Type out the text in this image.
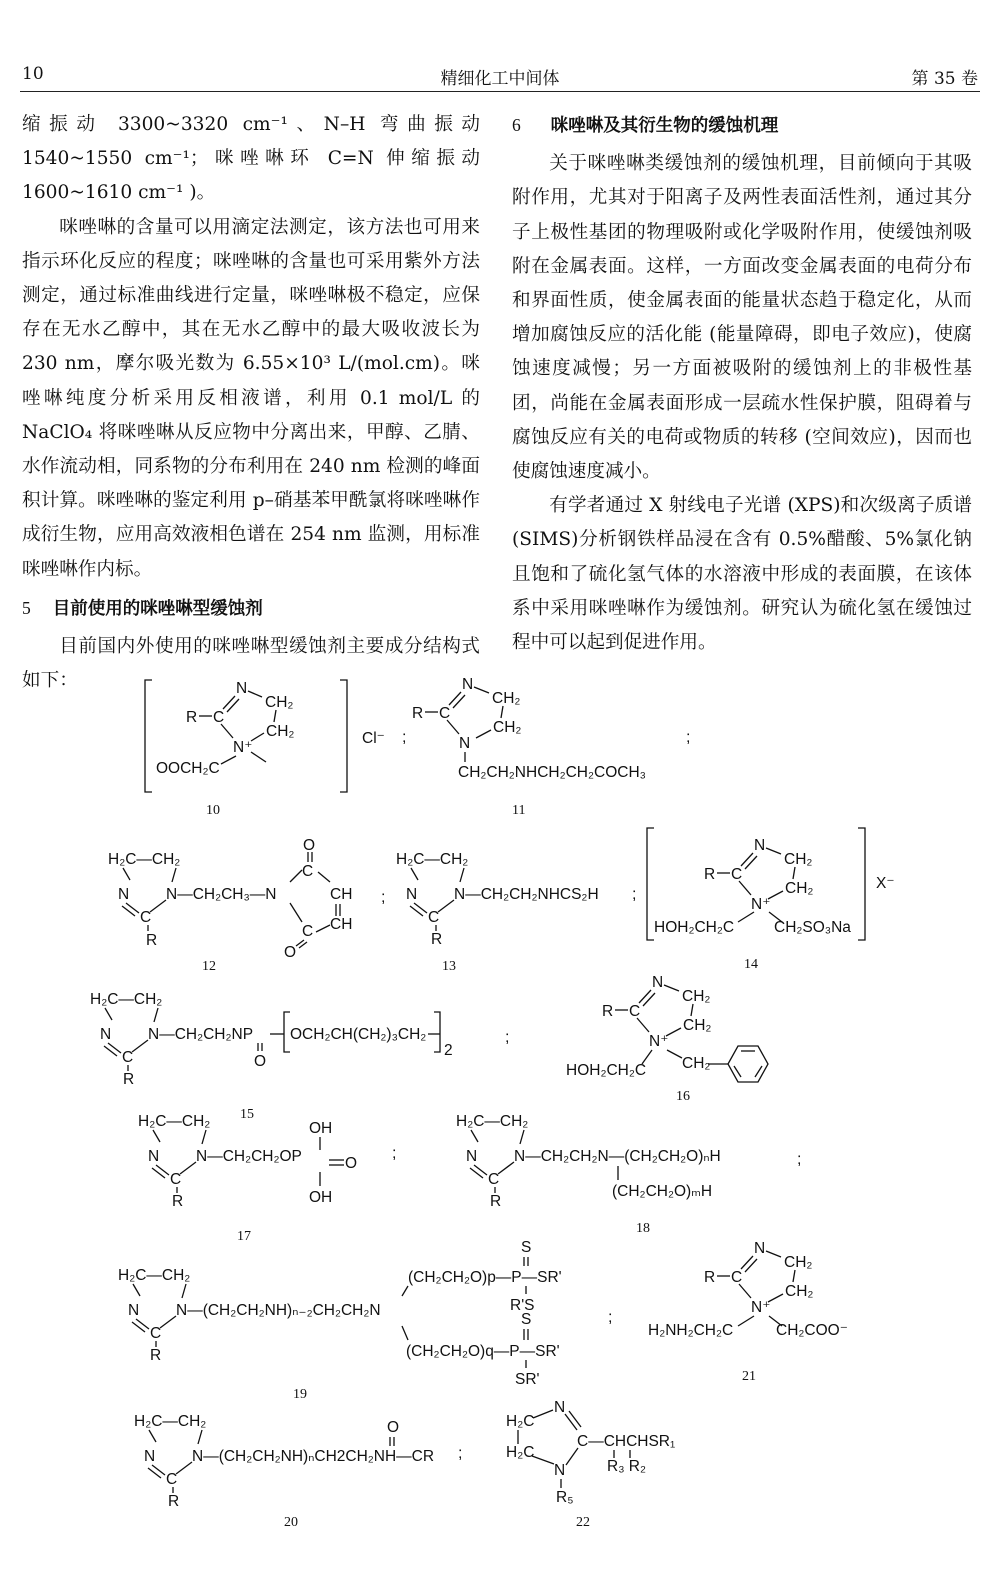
10	精细化工中间体	第 35 卷

缩振动 3300~3320 cm⁻¹、N–H 弯曲振动 1540~1550 cm⁻¹；咪唑啉环 C=N 伸缩振动 1600~1610 cm⁻¹ )。

咪唑啉的含量可以用滴定法测定，该方法也可用来指示环化反应的程度；咪唑啉的含量也可采用紫外方法测定，通过标准曲线进行定量，咪唑啉极不稳定，应保存在无水乙醇中，其在无水乙醇中的最大吸收波长为 230 nm，摩尔吸光数为 6.55×10³ L/(mol.cm)。咪唑啉纯度分析采用反相液谱，利用 0.1 mol/L 的 NaClO₄ 将咪唑啉从反应物中分离出来，甲醇、乙腈、水作流动相，同系物的分布利用在 240 nm 检测的峰面积计算。咪唑啉的鉴定利用 p–硝基苯甲酰氯将咪唑啉作成衍生物，应用高效液相色谱在 254 nm 监测，用标准咪唑啉作内标。

5 目前使用的咪唑啉型缓蚀剂

目前国内外使用的咪唑啉型缓蚀剂主要成分结构式如下：

6 咪唑啉及其衍生物的缓蚀机理

关于咪唑啉类缓蚀剂的缓蚀机理，目前倾向于其吸附作用，尤其对于阳离子及两性表面活性剂，通过其分子上极性基团的物理吸附或化学吸附作用，使缓蚀剂吸附在金属表面。这样，一方面改变金属表面的电荷分布和界面性质，使金属表面的能量状态趋于稳定化，从而增加腐蚀反应的活化能 (能量障碍，即电子效应)，使腐蚀速度减慢；另一方面被吸附的缓蚀剂上的非极性基团，尚能在金属表面形成一层疏水性保护膜，阻碍着与腐蚀反应有关的电荷或物质的转移 (空间效应)，因而也使腐蚀速度减小。

有学者通过 X 射线电子光谱 (XPS)和次级离子质谱 (SIMS)分析钢铁样品浸在含有 0.5%醋酸、5%氯化钠且饱和了硫化氢气体的水溶液中形成的表面膜，在该体系中采用咪唑啉作为缓蚀剂。研究认为硫化氢在缓蚀过程中可以起到促进作用。

R C
N
CH₂
CH₂
N⁺
OOCH₂C
Cl⁻
10
;
R C
N
CH₂
CH₂
N
CH₂CH₂NHCH₂CH₂COCH₃
11
;
H₂C—CH₂
N
C
R
N—CH₂CH₃—N
C
O
CH
CH
C
O
12
;
H₂C—CH₂
N
C
R
N—CH₂CH₂NHCS₂H
13
;
R C
N
CH₂
CH₂
N⁺
HOH₂CH₂C	CH₂SO₃Na
X⁻
14
H₂C—CH₂
N
C
R
N—CH₂CH₂NP
O
OCH₂CH(CH₂)₃CH₂
2
15
;
R C
N
CH₂
CH₂
N⁺
HOH₂CH₂C CH₂
16
H₂C—CH₂
N
C
R
N—CH₂CH₂OP
OH
O
OH
17
;
H₂C—CH₂
N
C
R
N—CH₂CH₂N—(CH₂CH₂O)ₙH
(CH₂CH₂O)ₘH
18
;
H₂C—CH₂
N
C
R
N—(CH₂CH₂NH)ₙ₋₂CH₂CH₂N
(CH₂CH₂O)p—P—SR'
S
R'S
(CH₂CH₂O)q—P—SR'
S
SR'
19
;
R C
N
CH₂
CH₂
N⁺
H₂NH₂CH₂C	CH₂COO⁻
21
H₂C—CH₂
N
C
R
N—(CH₂CH₂NH)ₙCH2CH₂NH—CR
O
20
;
H₂C
N
H₂C
N
C—CHCHSR₁
R₃ R₂
R₅
22
